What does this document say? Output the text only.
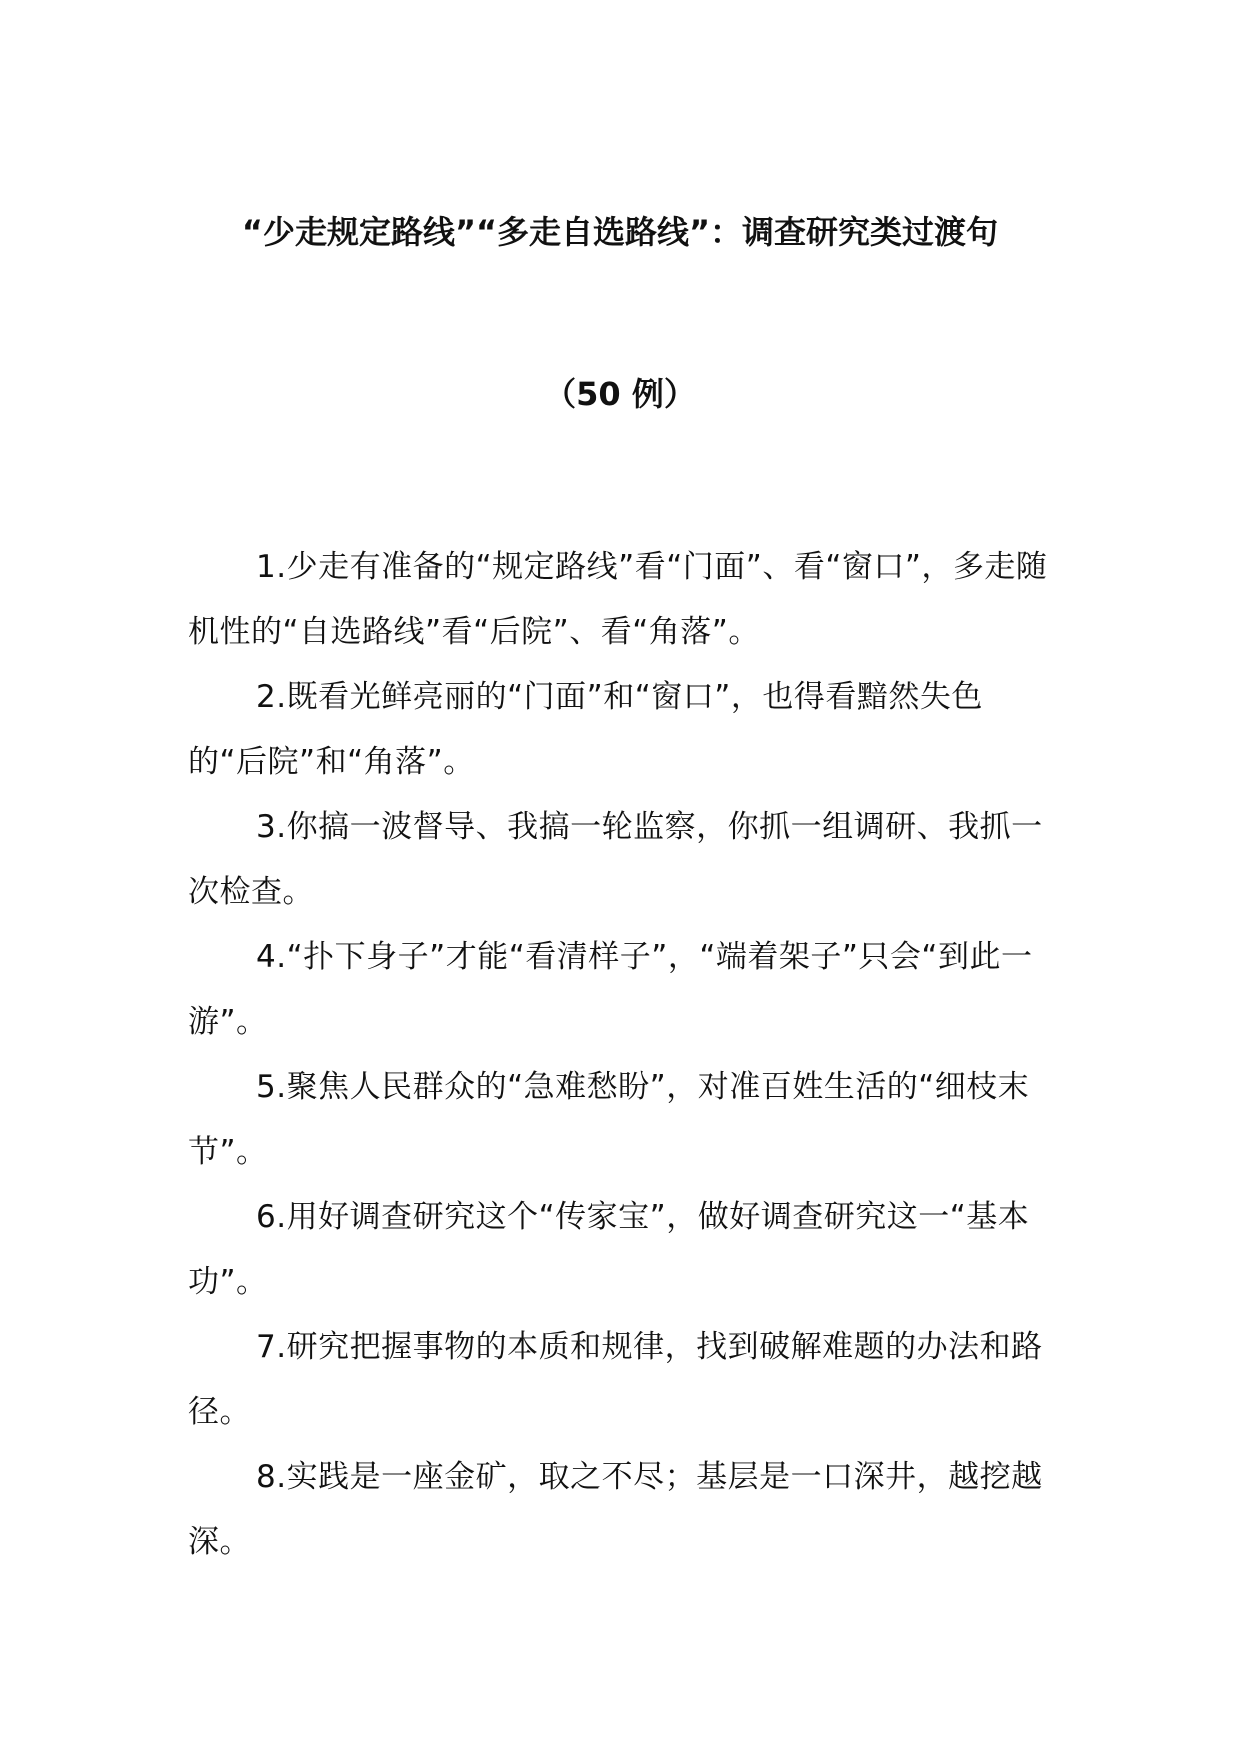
“少走规定路线”“多走自选路线”：调查研究类过渡句
（50 例）

1.少走有准备的“规定路线”看“门面”、看“窗口”，多走随机性的“自选路线”看“后院”、看“角落”。

2.既看光鲜亮丽的“门面”和“窗口”，也得看黯然失色的“后院”和“角落”。

3.你搞一波督导、我搞一轮监察，你抓一组调研、我抓一次检查。

4.“扑下身子”才能“看清样子”，“端着架子”只会“到此一游”。

5.聚焦人民群众的“急难愁盼”，对准百姓生活的“细枝末节”。

6.用好调查研究这个“传家宝”，做好调查研究这一“基本功”。

7.研究把握事物的本质和规律，找到破解难题的办法和路径。

8.实践是一座金矿，取之不尽；基层是一口深井，越挖越深。
